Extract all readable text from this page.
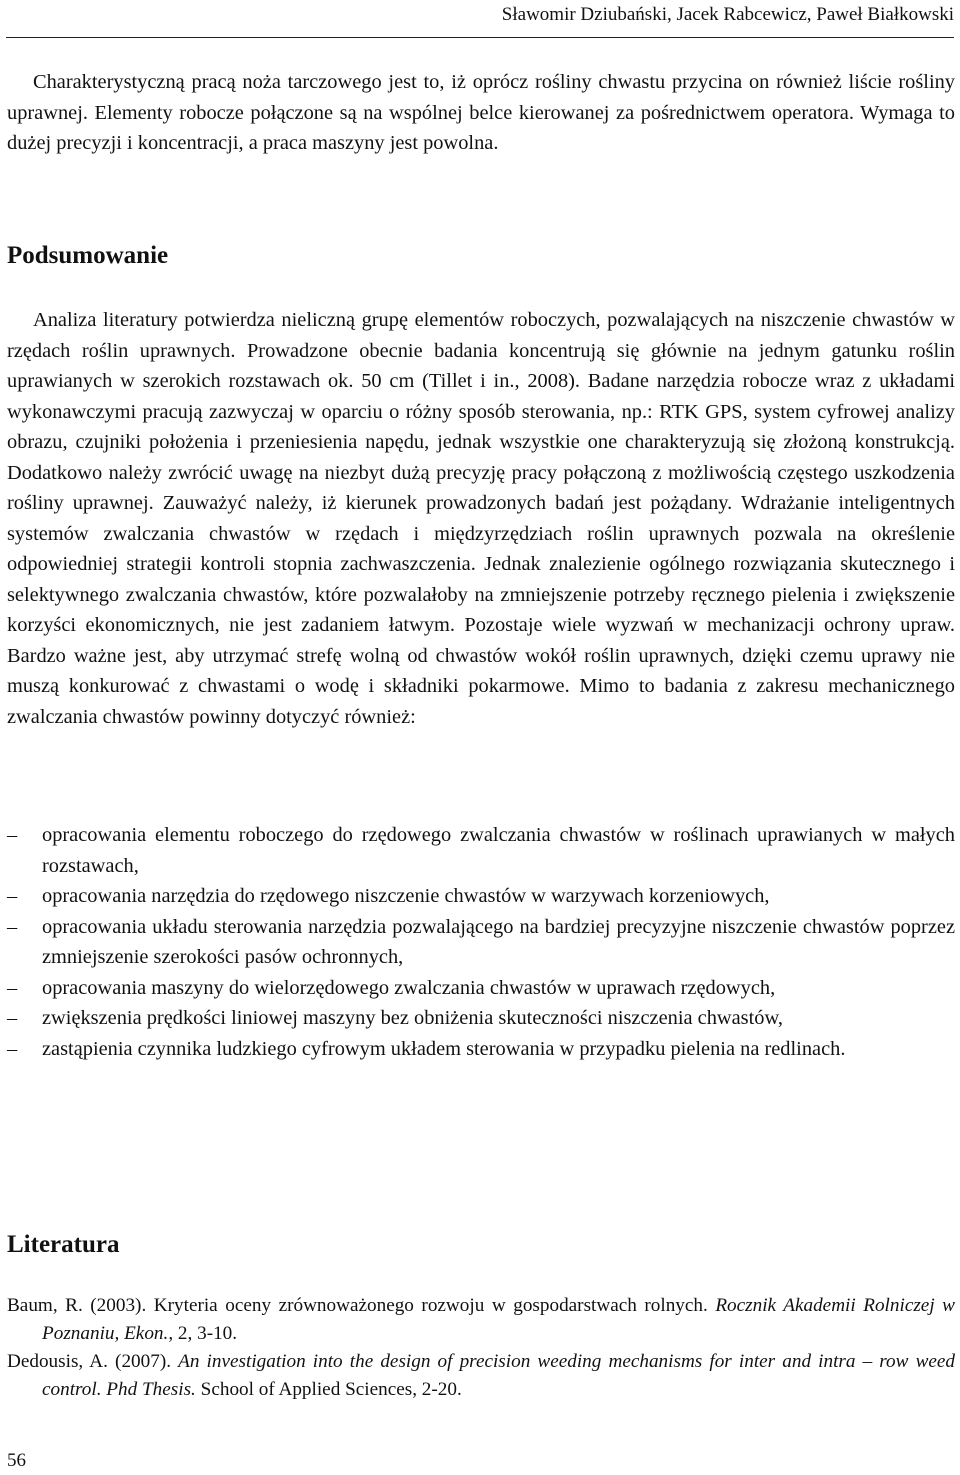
Sławomir Dziubański, Jacek Rabcewicz, Paweł Białkowski

Charakterystyczną pracą noża tarczowego jest to, iż oprócz rośliny chwastu przycina on również liście rośliny uprawnej. Elementy robocze połączone są na wspólnej belce kierowanej za pośrednictwem operatora. Wymaga to dużej precyzji i koncentracji, a praca maszyny jest powolna.

Podsumowanie

Analiza literatury potwierdza nieliczną grupę elementów roboczych, pozwalających na niszczenie chwastów w rzędach roślin uprawnych. Prowadzone obecnie badania koncentrują się głównie na jednym gatunku roślin uprawianych w szerokich rozstawach ok. 50 cm (Tillet i in., 2008). Badane narzędzia robocze wraz z układami wykonawczymi pracują zazwyczaj w oparciu o różny sposób sterowania, np.: RTK GPS, system cyfrowej analizy obrazu, czujniki położenia i przeniesienia napędu, jednak wszystkie one charakteryzują się złożoną konstrukcją. Dodatkowo należy zwrócić uwagę na niezbyt dużą precyzję pracy połączoną z możliwością częstego uszkodzenia rośliny uprawnej. Zauważyć należy, iż kierunek prowadzonych badań jest pożądany. Wdrażanie inteligentnych systemów zwalczania chwastów w rzędach i międzyrzędziach roślin uprawnych pozwala na określenie odpowiedniej strategii kontroli stopnia zachwaszczenia. Jednak znalezienie ogólnego rozwiązania skutecznego i selektywnego zwalczania chwastów, które pozwalałoby na zmniejszenie potrzeby ręcznego pielenia i zwiększenie korzyści ekonomicznych, nie jest zadaniem łatwym. Pozostaje wiele wyzwań w mechanizacji ochrony upraw. Bardzo ważne jest, aby utrzymać strefę wolną od chwastów wokół roślin uprawnych, dzięki czemu uprawy nie muszą konkurować z chwastami o wodę i składniki pokarmowe. Mimo to badania z zakresu mechanicznego zwalczania chwastów powinny dotyczyć również:

– opracowania elementu roboczego do rzędowego zwalczania chwastów w roślinach uprawianych w małych rozstawach,
– opracowania narzędzia do rzędowego niszczenie chwastów w warzywach korzeniowych,
– opracowania układu sterowania narzędzia pozwalającego na bardziej precyzyjne niszczenie chwastów poprzez zmniejszenie szerokości pasów ochronnych,
– opracowania maszyny do wielorzędowego zwalczania chwastów w uprawach rzędowych,
– zwiększenia prędkości liniowej maszyny bez obniżenia skuteczności niszczenia chwastów,
– zastąpienia czynnika ludzkiego cyfrowym układem sterowania w przypadku pielenia na redlinach.
Literatura

Baum, R. (2003). Kryteria oceny zrównoważonego rozwoju w gospodarstwach rolnych. Rocznik Akademii Rolniczej w Poznaniu, Ekon., 2, 3-10.

Dedousis, A. (2007). An investigation into the design of precision weeding mechanisms for inter and intra – row weed control. Phd Thesis. School of Applied Sciences, 2-20.

56
